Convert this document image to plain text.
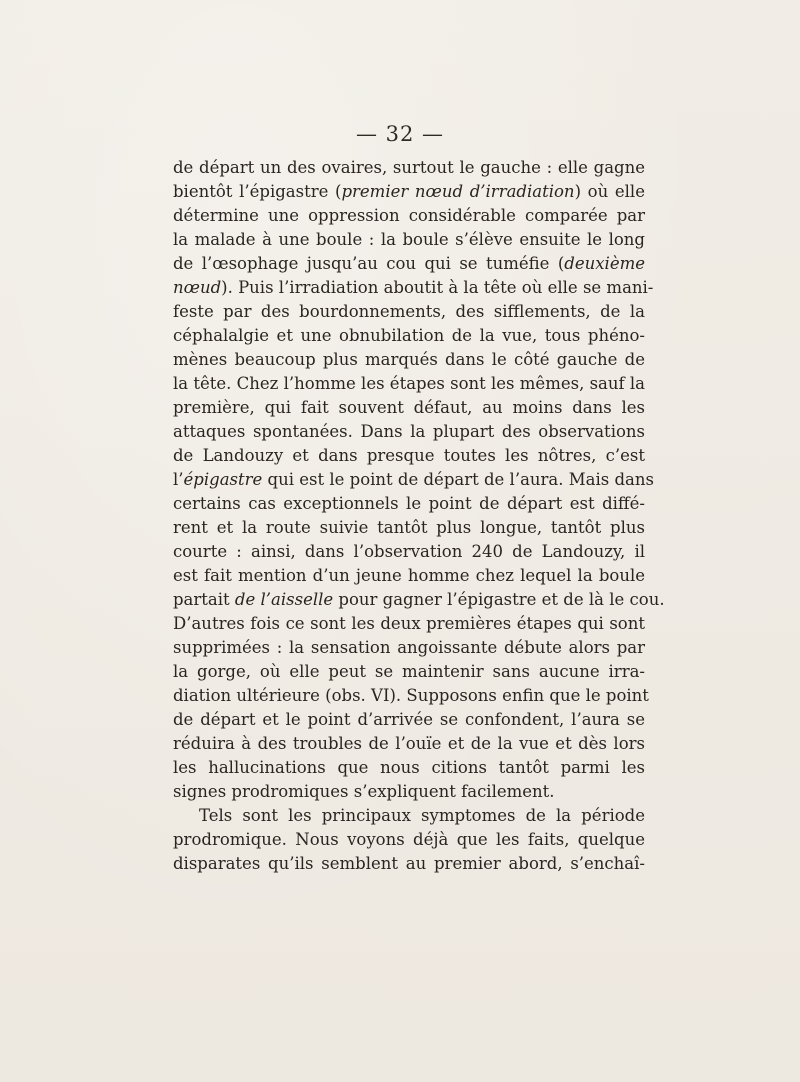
— 32 —
de départ un des ovaires, surtout le gauche : elle gagne
bientôt l’épigastre (premier nœud d’irradiation) où elle
détermine une oppression considérable comparée par
la malade à une boule : la boule s’élève ensuite le long
de l’œsophage jusqu’au cou qui se tuméfie (deuxième
nœud). Puis l’irradiation aboutit à la tête où elle se mani-
feste par des bourdonnements, des sifflements, de la
céphalalgie et une obnubilation de la vue, tous phéno-
mènes beaucoup plus marqués dans le côté gauche de
la tête. Chez l’homme les étapes sont les mêmes, sauf la
première, qui fait souvent défaut, au moins dans les
attaques spontanées. Dans la plupart des observations
de Landouzy et dans presque toutes les nôtres, c’est
l’épigastre qui est le point de départ de l’aura. Mais dans
certains cas exceptionnels le point de départ est diffé-
rent et la route suivie tantôt plus longue, tantôt plus
courte : ainsi, dans l’observation 240 de Landouzy, il
est fait mention d’un jeune homme chez lequel la boule
partait de l’aisselle pour gagner l’épigastre et de là le cou.
D’autres fois ce sont les deux premières étapes qui sont
supprimées : la sensation angoissante débute alors par
la gorge, où elle peut se maintenir sans aucune irra-
diation ultérieure (obs. VI). Supposons enfin que le point
de départ et le point d’arrivée se confondent, l’aura se
réduira à des troubles de l’ouïe et de la vue et dès lors
les hallucinations que nous citions tantôt parmi les
signes prodromiques s’expliquent facilement.
Tels sont les principaux symptomes de la période
prodromique. Nous voyons déjà que les faits, quelque
disparates qu’ils semblent au premier abord, s’enchaî-
